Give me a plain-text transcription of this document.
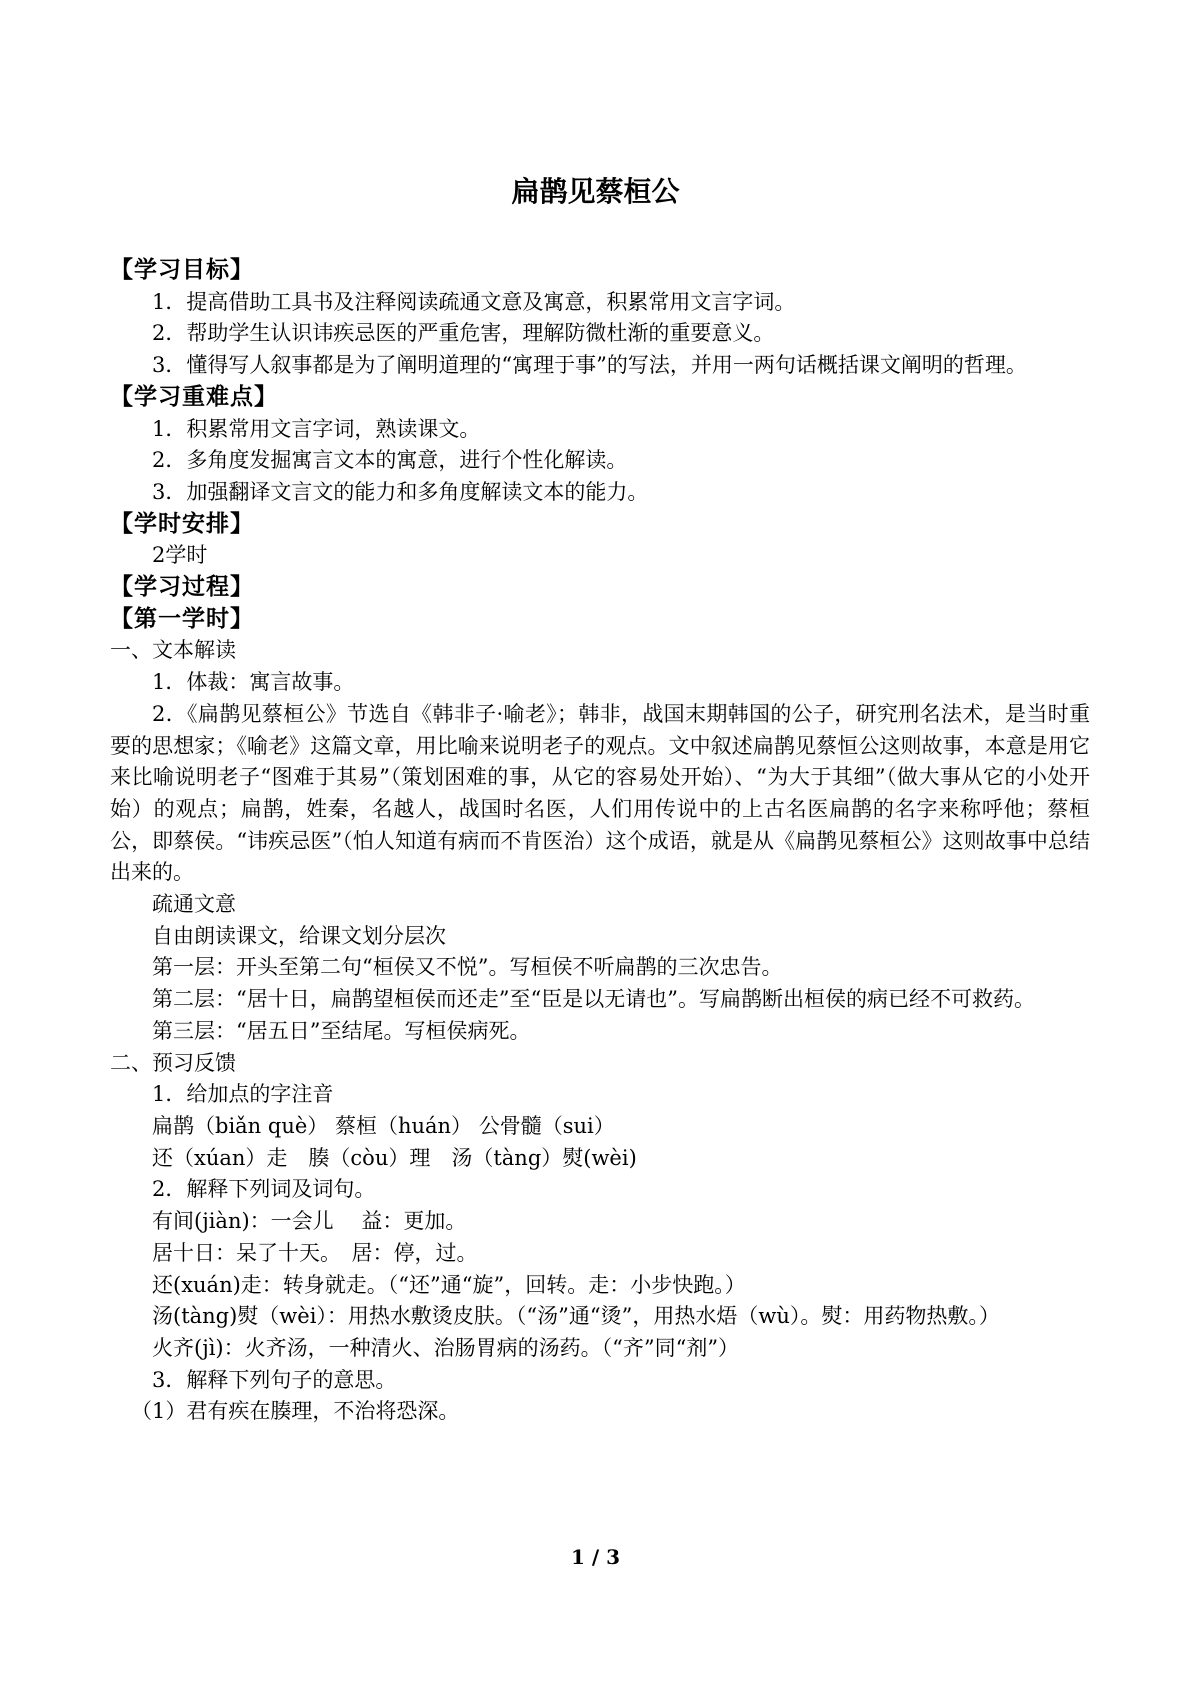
扁鹊见蔡桓公

【学习目标】

1．提高借助工具书及注释阅读疏通文意及寓意，积累常用文言字词。

2．帮助学生认识讳疾忌医的严重危害，理解防微杜渐的重要意义。

3．懂得写人叙事都是为了阐明道理的“寓理于事”的写法，并用一两句话概括课文阐明的哲理。

【学习重难点】

1．积累常用文言字词，熟读课文。

2．多角度发掘寓言文本的寓意，进行个性化解读。

3．加强翻译文言文的能力和多角度解读文本的能力。

【学时安排】

2学时

【学习过程】

【第一学时】

一、文本解读

1．体裁：寓言故事。

2．《扁鹊见蔡桓公》节选自《韩非子·喻老》；韩非，战国末期韩国的公子，研究刑名法术，是当时重要的思想家；《喻老》这篇文章，用比喻来说明老子的观点。文中叙述扁鹊见蔡恒公这则故事，本意是用它来比喻说明老子“图难于其易”（策划困难的事，从它的容易处开始）、“为大于其细”（做大事从它的小处开始）的观点；扁鹊，姓秦，名越人，战国时名医，人们用传说中的上古名医扁鹊的名字来称呼他；蔡桓公，即蔡侯。“讳疾忌医”（怕人知道有病而不肯医治）这个成语，就是从《扁鹊见蔡桓公》这则故事中总结出来的。

疏通文意

自由朗读课文，给课文划分层次

第一层：开头至第二句“桓侯又不悦”。写桓侯不听扁鹊的三次忠告。

第二层：“居十日，扁鹊望桓侯而还走”至“臣是以无请也”。写扁鹊断出桓侯的病已经不可救药。

第三层：“居五日”至结尾。写桓侯病死。

二、预习反馈

1．给加点的字注音

扁鹊（biǎn què） 蔡桓（huán） 公骨髓（sui）

还（xúan）走　腠（còu）理　汤（tàng）熨(wèi)

2．解释下列词及词句。

有间(jiàn)：一会儿　 益：更加。

居十日：呆了十天。　居：停，过。

还(xuán)走：转身就走。（“还”通“旋”，回转。走：小步快跑。）

汤(tàng)熨（wèi）：用热水敷烫皮肤。（“汤”通“烫”，用热水焐（wù）。熨：用药物热敷。）

火齐(jì)：火齐汤，一种清火、治肠胃病的汤药。（“齐”同“剂”）

3．解释下列句子的意思。

（1）君有疾在腠理，不治将恐深。

1 / 3
